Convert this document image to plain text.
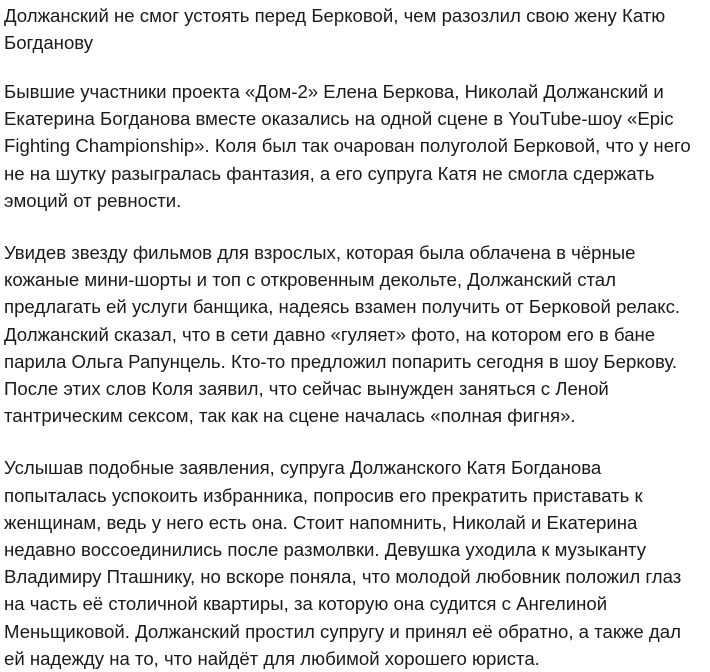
Должанский не смог устоять перед Берковой, чем разозлил свою жену Катю Богданову

Бывшие участники проекта «Дом-2» Елена Беркова, Николай Должанский и Екатерина Богданова вместе оказались на одной сцене в YouTube-шоу «Epic Fighting Championship». Коля был так очарован полуголой Берковой, что у него не на шутку разыгралась фантазия, а его супруга Катя не смогла сдержать эмоций от ревности.

Увидев звезду фильмов для взрослых, которая была облачена в чёрные кожаные мини-шорты и топ с откровенным декольте, Должанский стал предлагать ей услуги банщика, надеясь взамен получить от Берковой релакс. Должанский сказал, что в сети давно «гуляет» фото, на котором его в бане парила Ольга Рапунцель. Кто-то предложил попарить сегодня в шоу Беркову. После этих слов Коля заявил, что сейчас вынужден заняться с Леной тантрическим сексом, так как на сцене началась «полная фигня».

Услышав подобные заявления, супруга Должанского Катя Богданова попыталась успокоить избранника, попросив его прекратить приставать к женщинам, ведь у него есть она. Стоит напомнить, Николай и Екатерина недавно воссоединились после размолвки. Девушка уходила к музыканту Владимиру Пташнику, но вскоре поняла, что молодой любовник положил глаз на часть её столичной квартиры, за которую она судится с Ангелиной Меньщиковой. Должанский простил супругу и принял её обратно, а также дал ей надежду на то, что найдёт для любимой хорошего юриста.
